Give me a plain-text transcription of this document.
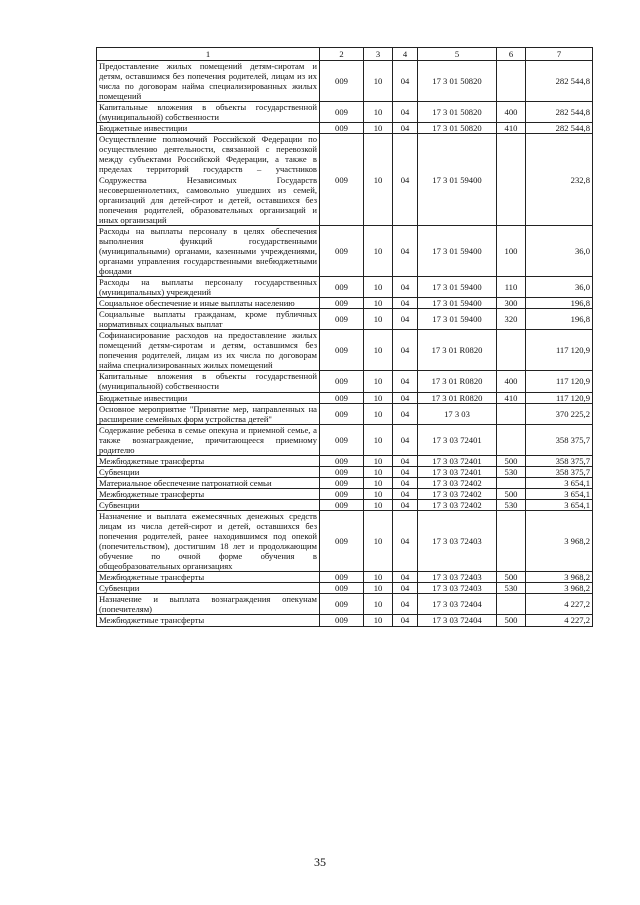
1	2	3	4	5	6	7
Предоставление жилых помещений детям-сиротам и детям, оставшимся без попечения родителей, лицам из их числа по договорам найма специализированных жилых помещений	009	10	04	17 3 01 50820		282 544,8
Капитальные вложения в объекты государственной (муниципальной) собственности	009	10	04	17 3 01 50820	400	282 544,8
Бюджетные инвестиции	009	10	04	17 3 01 50820	410	282 544,8
Осуществление полномочий Российской Федерации по осуществлению деятельности, связанной с перевозкой между субъектами Российской Федерации, а также в пределах территорий государств – участников Содружества Независимых Государств несовершеннолетних, самовольно ушедших из семей, организаций для детей-сирот и детей, оставшихся без попечения родителей, образовательных организаций и иных организаций	009	10	04	17 3 01 59400		232,8
Расходы на выплаты персоналу в целях обеспечения выполнения функций государственными (муниципальными) органами, казенными учреждениями, органами управления государственными внебюджетными фондами	009	10	04	17 3 01 59400	100	36,0
Расходы на выплаты персоналу государственных (муниципальных) учреждений	009	10	04	17 3 01 59400	110	36,0
Социальное обеспечение и иные выплаты населению	009	10	04	17 3 01 59400	300	196,8
Социальные выплаты гражданам, кроме публичных нормативных социальных выплат	009	10	04	17 3 01 59400	320	196,8
Софинансирование расходов на предоставление жилых помещений детям-сиротам и детям, оставшимся без попечения родителей, лицам из их числа по договорам найма специализированных жилых помещений	009	10	04	17 3 01 R0820		117 120,9
Капитальные вложения в объекты государственной (муниципальной) собственности	009	10	04	17 3 01 R0820	400	117 120,9
Бюджетные инвестиции	009	10	04	17 3 01 R0820	410	117 120,9
Основное мероприятие "Принятие мер, направленных на расширение семейных форм устройства детей"	009	10	04	17 3 03		370 225,2
Содержание ребенка в семье опекуна и приемной семье, а также вознаграждение, причитающееся приемному родителю	009	10	04	17 3 03 72401		358 375,7
Межбюджетные трансферты	009	10	04	17 3 03 72401	500	358 375,7
Субвенции	009	10	04	17 3 03 72401	530	358 375,7
Материальное обеспечение патронатной семьи	009	10	04	17 3 03 72402		3 654,1
Межбюджетные трансферты	009	10	04	17 3 03 72402	500	3 654,1
Субвенции	009	10	04	17 3 03 72402	530	3 654,1
Назначение и выплата ежемесячных денежных средств лицам из числа детей-сирот и детей, оставшихся без попечения родителей, ранее находившимся под опекой (попечительством), достигшим 18 лет и продолжающим обучение по очной форме обучения в общеобразовательных организациях	009	10	04	17 3 03 72403		3 968,2
Межбюджетные трансферты	009	10	04	17 3 03 72403	500	3 968,2
Субвенции	009	10	04	17 3 03 72403	530	3 968,2
Назначение и выплата вознаграждения опекунам (попечителям)	009	10	04	17 3 03 72404		4 227,2
Межбюджетные трансферты	009	10	04	17 3 03 72404	500	4 227,2
35
